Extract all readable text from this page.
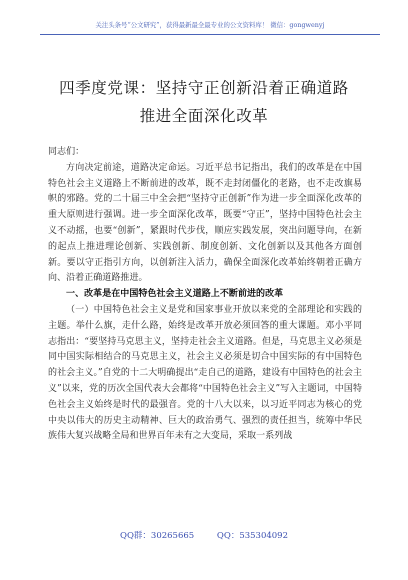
关注头条号“公文研究”，获得最新最全最专业的公文资料库！ 微信：gongwenyj
四季度党课：坚持守正创新沿着正确道路
推进全面深化改革

同志们：

方向决定前途，道路决定命运。习近平总书记指出，我们的改革是在中国特色社会主义道路上不断前进的改革，既不走封闭僵化的老路，也不走改旗易帜的邪路。党的二十届三中全会把“坚持守正创新”作为进一步全面深化改革的重大原则进行强调。进一步全面深化改革，既要“守正”，坚持中国特色社会主义不动摇，也要“创新”，紧跟时代步伐，顺应实践发展，突出问题导向，在新的起点上推进理论创新、实践创新、制度创新、文化创新以及其他各方面创新。要以守正指引方向，以创新注入活力，确保全面深化改革始终朝着正确方向、沿着正确道路推进。

一、改革是在中国特色社会主义道路上不断前进的改革

（一）中国特色社会主义是党和国家事业开放以来党的全部理论和实践的主题。举什么旗，走什么路，始终是改革开放必须回答的重大课题。邓小平同志指出：“要坚持马克思主义，坚持走社会主义道路。但是，马克思主义必须是同中国实际相结合的马克思主义，社会主义必须是切合中国实际的有中国特色的社会主义。”自党的十二大明确提出“走自己的道路，建设有中国特色的社会主义”以来，党的历次全国代表大会都将“中国特色社会主义”写入主题词，中国特色社会主义始终是时代的最强音。党的十八大以来，以习近平同志为核心的党中央以伟大的历史主动精神、巨大的政治勇气、强烈的责任担当，统筹中华民族伟大复兴战略全局和世界百年未有之大变局，采取一系列战

QQ群：30265665	QQ：535304092
